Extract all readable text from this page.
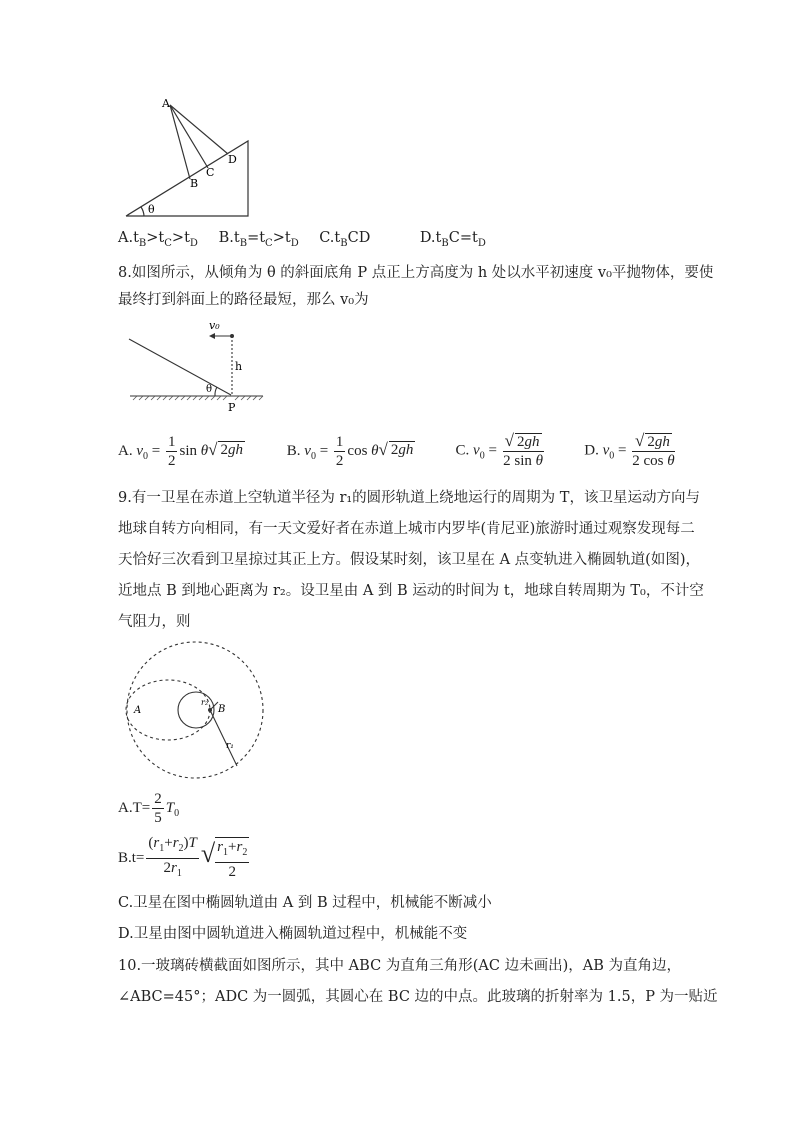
A
B
C
D
θ
$A.t_B>t_C>t_D$ $B.t_B=t_C>t_D$ $C.t_BCD$	$D.t_BC=t_D$
8.如图所示，从倾角为 θ 的斜面底角 P 点正上方高度为 h 处以水平初速度 v₀平抛物体，要使
最终打到斜面上的路径最短，那么 v₀为
v₀
h
θ
P
A. $v_0 = \frac{1}{2}$ sin θ√ 2gh	B. $v_0 = \frac{1}{2}$ cos θ√ 2gh	C. $v_0 = \frac{√ 2gh}{\text{2 sin θ}}$	D. $v_0 = \frac{√ 2gh}{\text{2 cos θ}}$
9.有一卫星在赤道上空轨道半径为 r₁的圆形轨道上绕地运行的周期为 T，该卫星运动方向与
地球自转方向相同，有一天文爱好者在赤道上城市内罗毕(肯尼亚)旅游时通过观察发现每二
天恰好三次看到卫星掠过其正上方。假设某时刻，该卫星在 A 点变轨进入椭圆轨道(如图)，
近地点 B 到地心距离为 r₂。设卫星由 A 到 B 运动的时间为 t，地球自转周期为 T₀，不计空
气阻力，则
A	B
r₂
r₁
$A.T= \frac{2}{5} T_0$
$B.t= \frac{(r_1+r_2)T}{2r_1}$ √ $\frac{r_1+r_2}{2}$
C.卫星在图中椭圆轨道由 A 到 B 过程中，机械能不断减小
D.卫星由图中圆轨道进入椭圆轨道过程中，机械能不变
10.一玻璃砖横截面如图所示，其中 ABC 为直角三角形(AC 边未画出)，AB 为直角边，
∠ABC=45°；ADC 为一圆弧，其圆心在 BC 边的中点。此玻璃的折射率为 1.5，P 为一贴近
